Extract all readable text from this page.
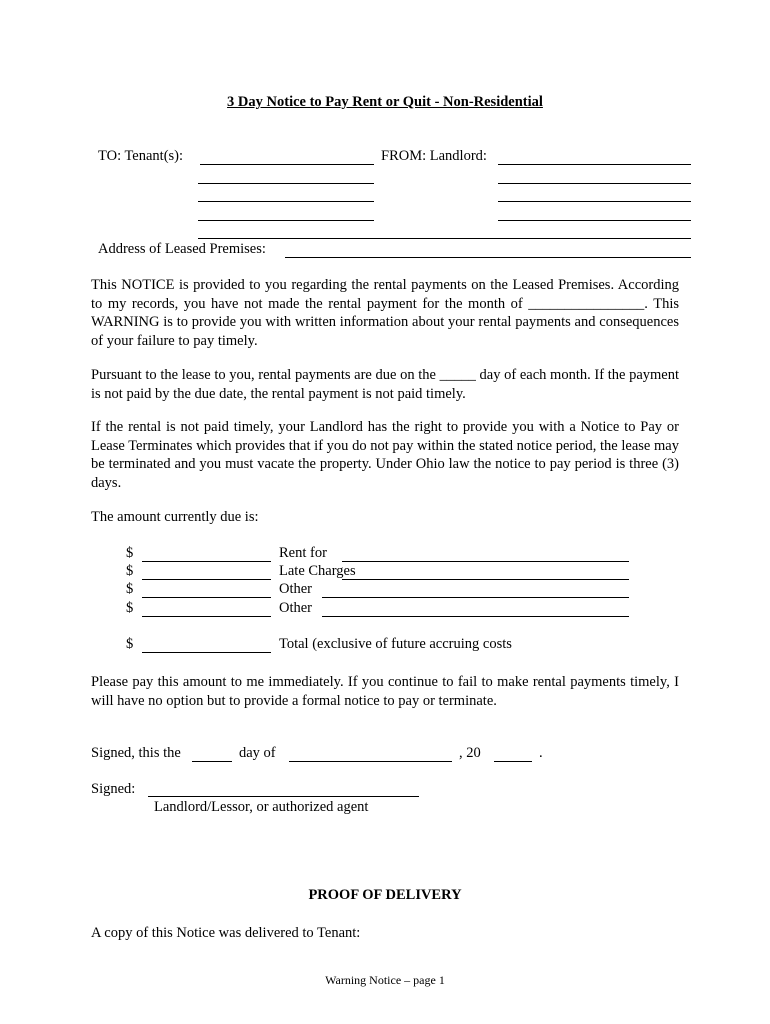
3 Day Notice to Pay Rent or Quit - Non-Residential
TO: Tenant(s):	FROM: Landlord:
Address of Leased Premises:
This NOTICE is provided to you regarding the rental payments on the Leased Premises. According to my records, you have not made the rental payment for the month of ________________. This WARNING is to provide you with written information about your rental payments and consequences of your failure to pay timely.
Pursuant to the lease to you, rental payments are due on the _____ day of each month. If the payment is not paid by the due date, the rental payment is not paid timely.
If the rental is not paid timely, your Landlord has the right to provide you with a Notice to Pay or Lease Terminates which provides that if you do not pay within the stated notice period, the lease may be terminated and you must vacate the property. Under Ohio law the notice to pay period is three (3) days.
The amount currently due is:
$	Rent for
$	Late Charges
$	Other
$	Other
$	Total (exclusive of future accruing costs
Please pay this amount to me immediately. If you continue to fail to make rental payments timely, I will have no option but to provide a formal notice to pay or terminate.
Signed, this the	day of	, 20	.
Signed:
Landlord/Lessor, or authorized agent
PROOF OF DELIVERY
A copy of this Notice was delivered to Tenant:
Warning Notice – page 1
